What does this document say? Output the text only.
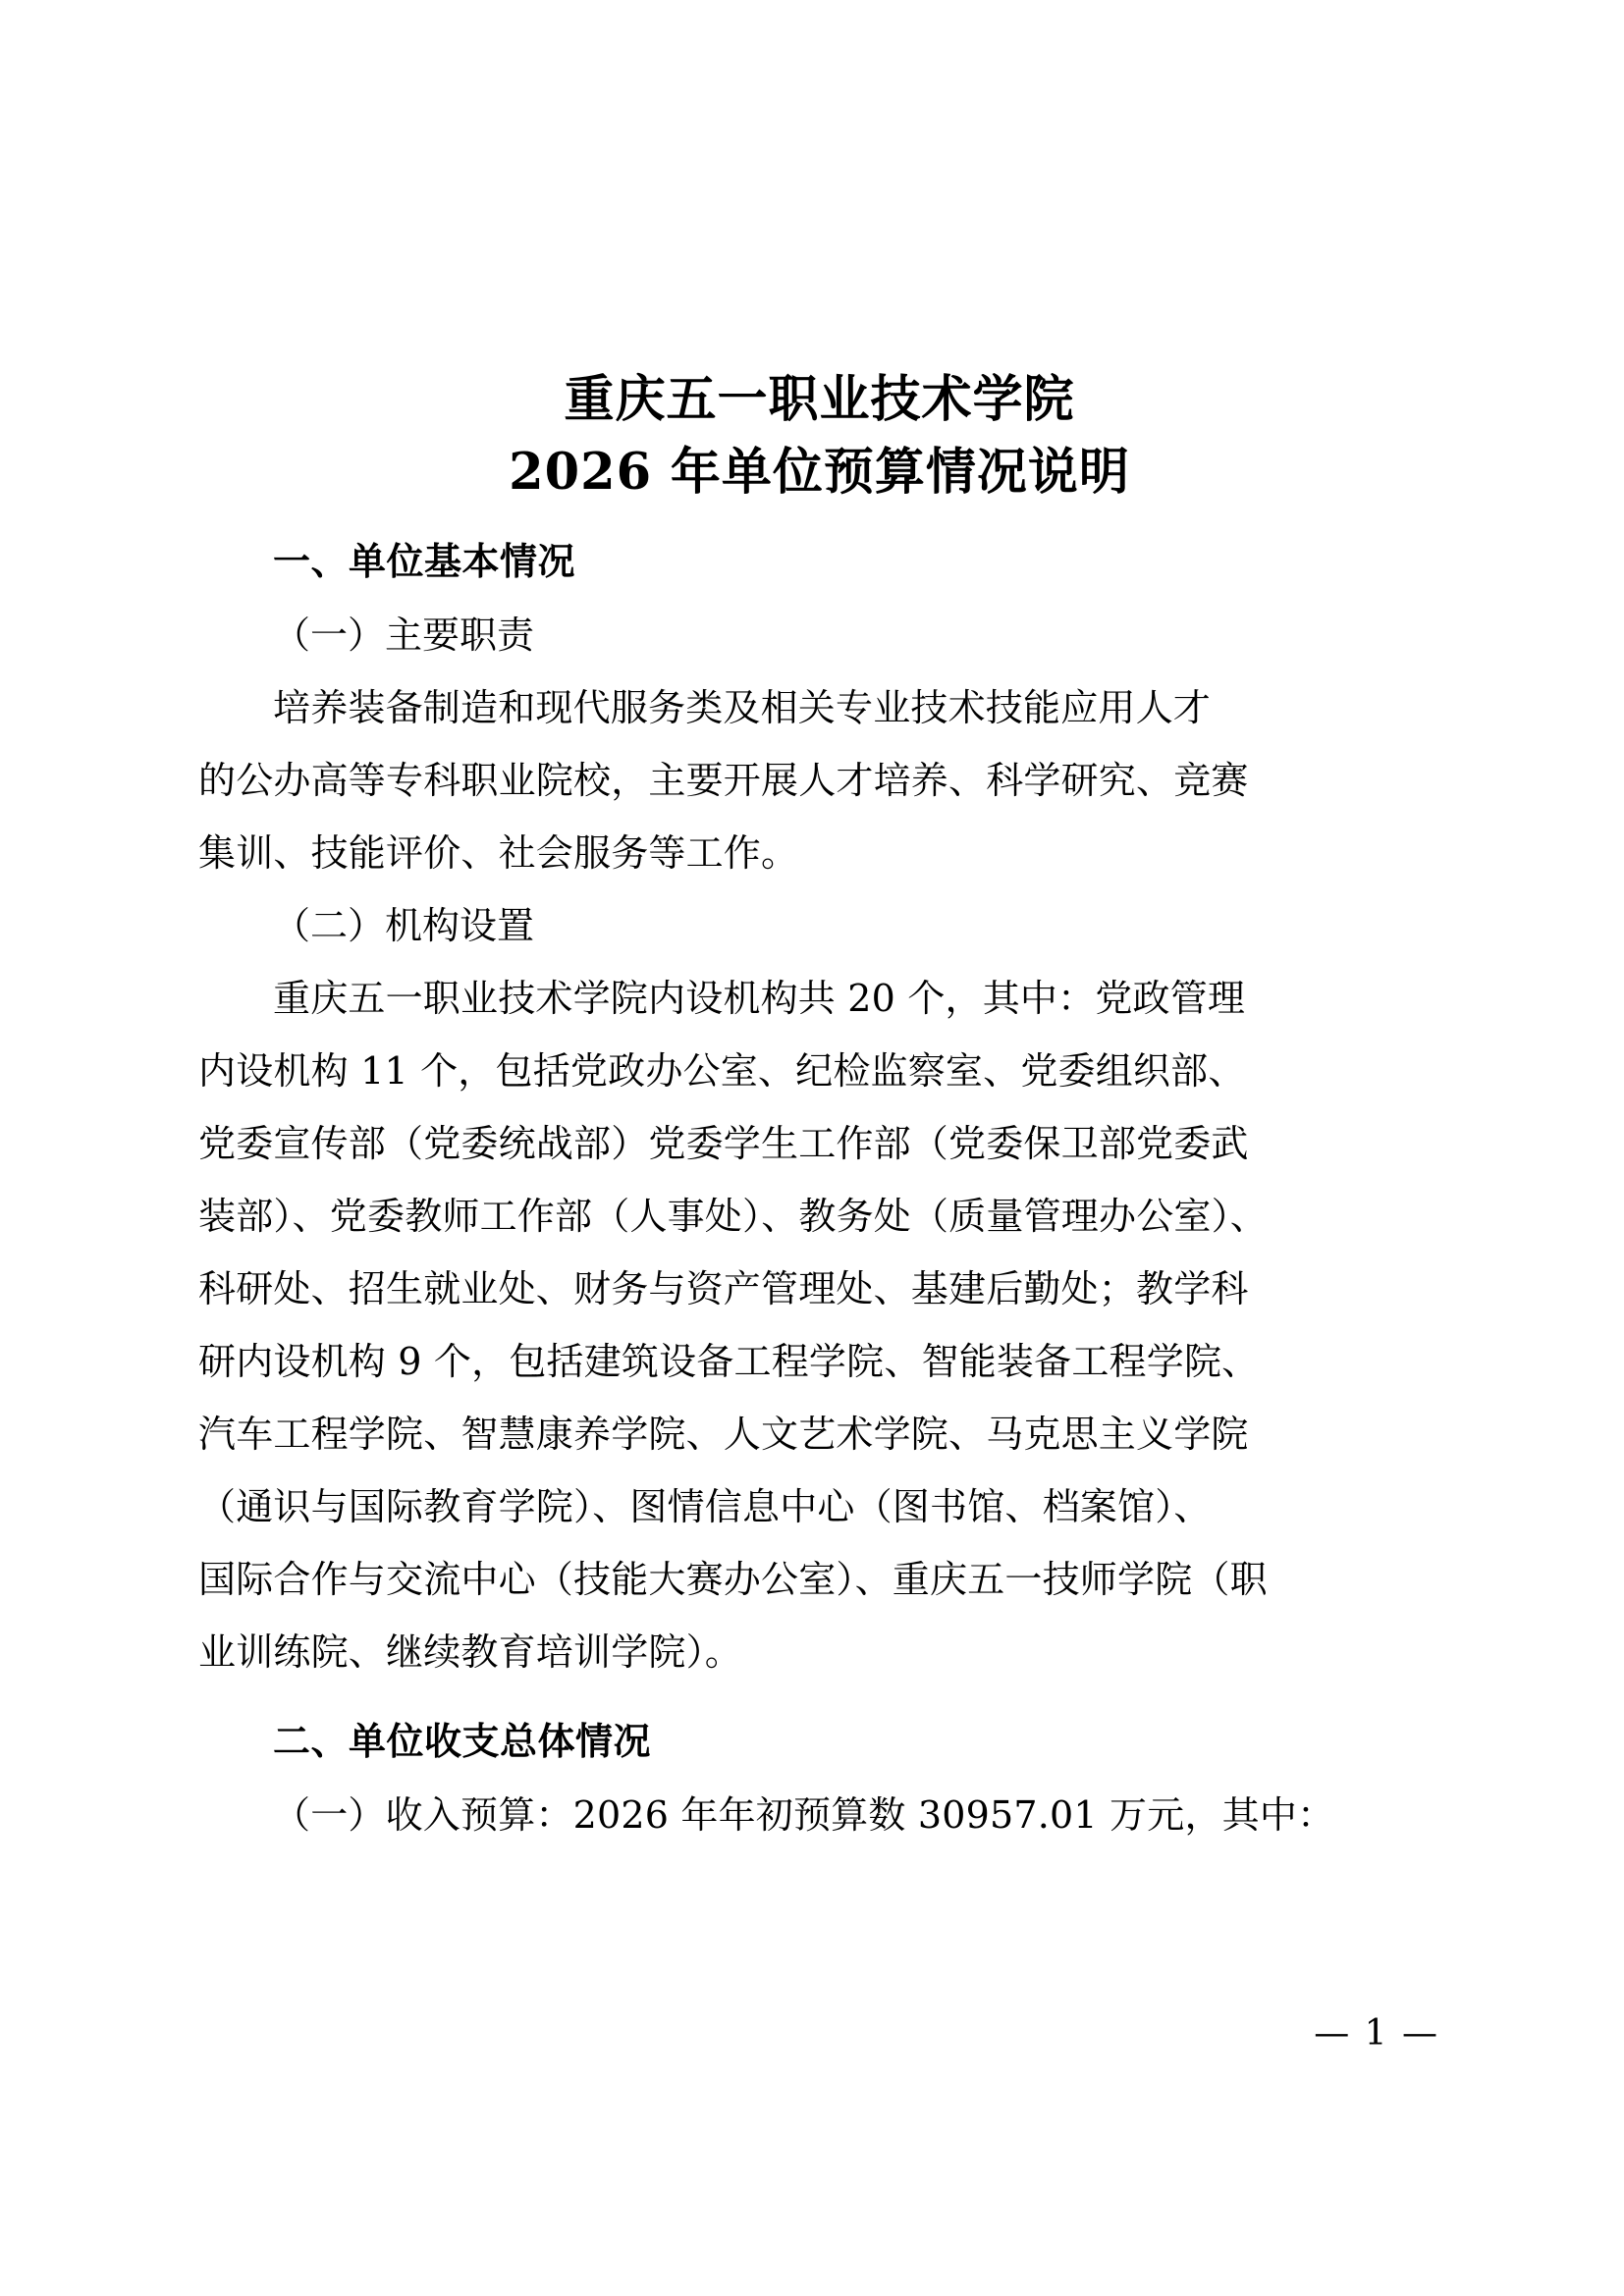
重庆五一职业技术学院
2026 年单位预算情况说明

一、单位基本情况

（一）主要职责

培养装备制造和现代服务类及相关专业技术技能应用人才
的公办高等专科职业院校，主要开展人才培养、科学研究、竞赛
集训、技能评价、社会服务等工作。

（二）机构设置

重庆五一职业技术学院内设机构共 20 个，其中：党政管理
内设机构 11 个，包括党政办公室、纪检监察室、党委组织部、
党委宣传部（党委统战部）党委学生工作部（党委保卫部党委武
装部）、党委教师工作部（人事处）、教务处（质量管理办公室）、
科研处、招生就业处、财务与资产管理处、基建后勤处；教学科
研内设机构 9 个，包括建筑设备工程学院、智能装备工程学院、
汽车工程学院、智慧康养学院、人文艺术学院、马克思主义学院
（通识与国际教育学院）、图情信息中心（图书馆、档案馆）、
国际合作与交流中心（技能大赛办公室）、重庆五一技师学院（职
业训练院、继续教育培训学院）。

二、单位收支总体情况

（一）收入预算：2026 年年初预算数 30957.01 万元，其中：
— 1 —
